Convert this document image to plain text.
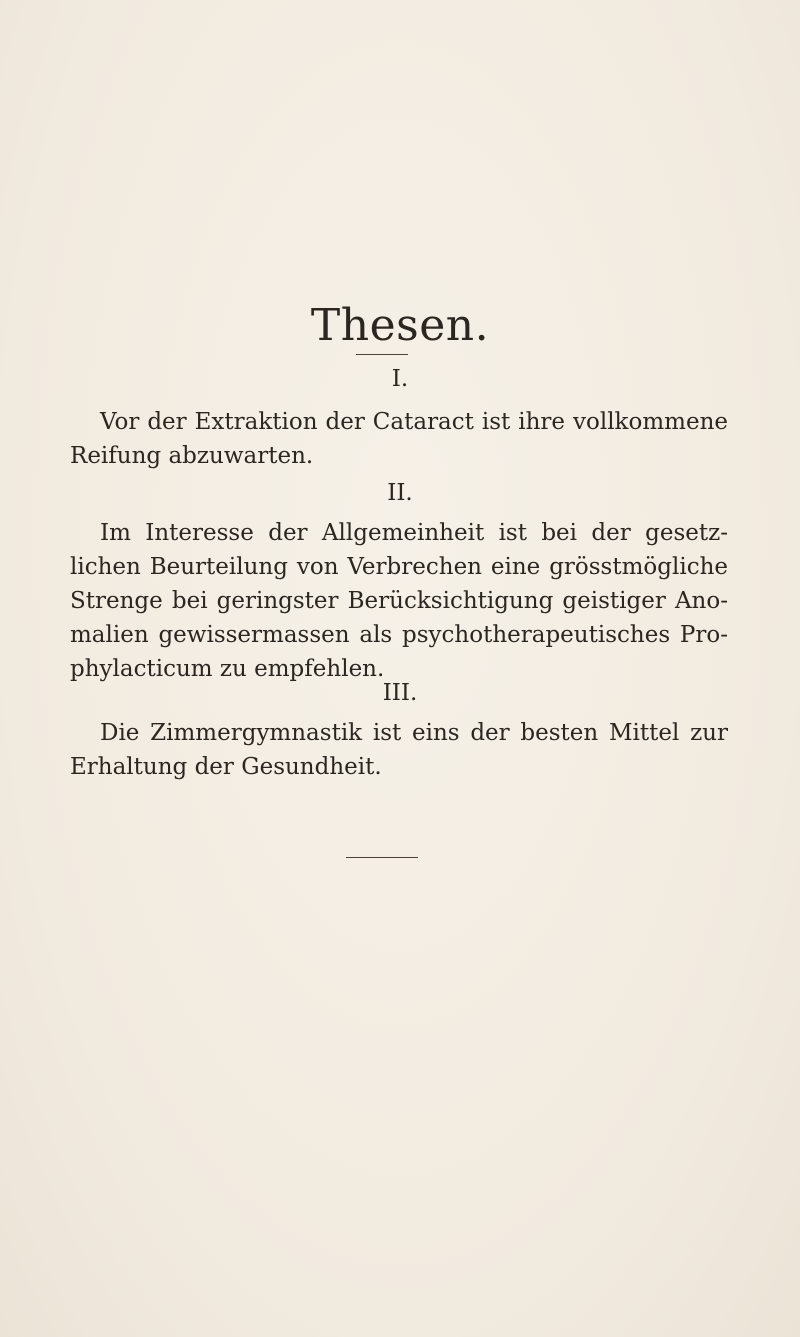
Thesen.
I.
Vor der Extraktion der Cataract ist ihre vollkommene Reifung abzuwarten.
II.
Im Interesse der Allgemeinheit ist bei der gesetzlichen Beurteilung von Verbrechen eine grösstmögliche Strenge bei geringster Berücksichtigung geistiger Anomalien gewissermassen als psychotherapeutisches Prophylacticum zu empfehlen.
III.
Die Zimmergymnastik ist eins der besten Mittel zur Erhaltung der Gesundheit.
